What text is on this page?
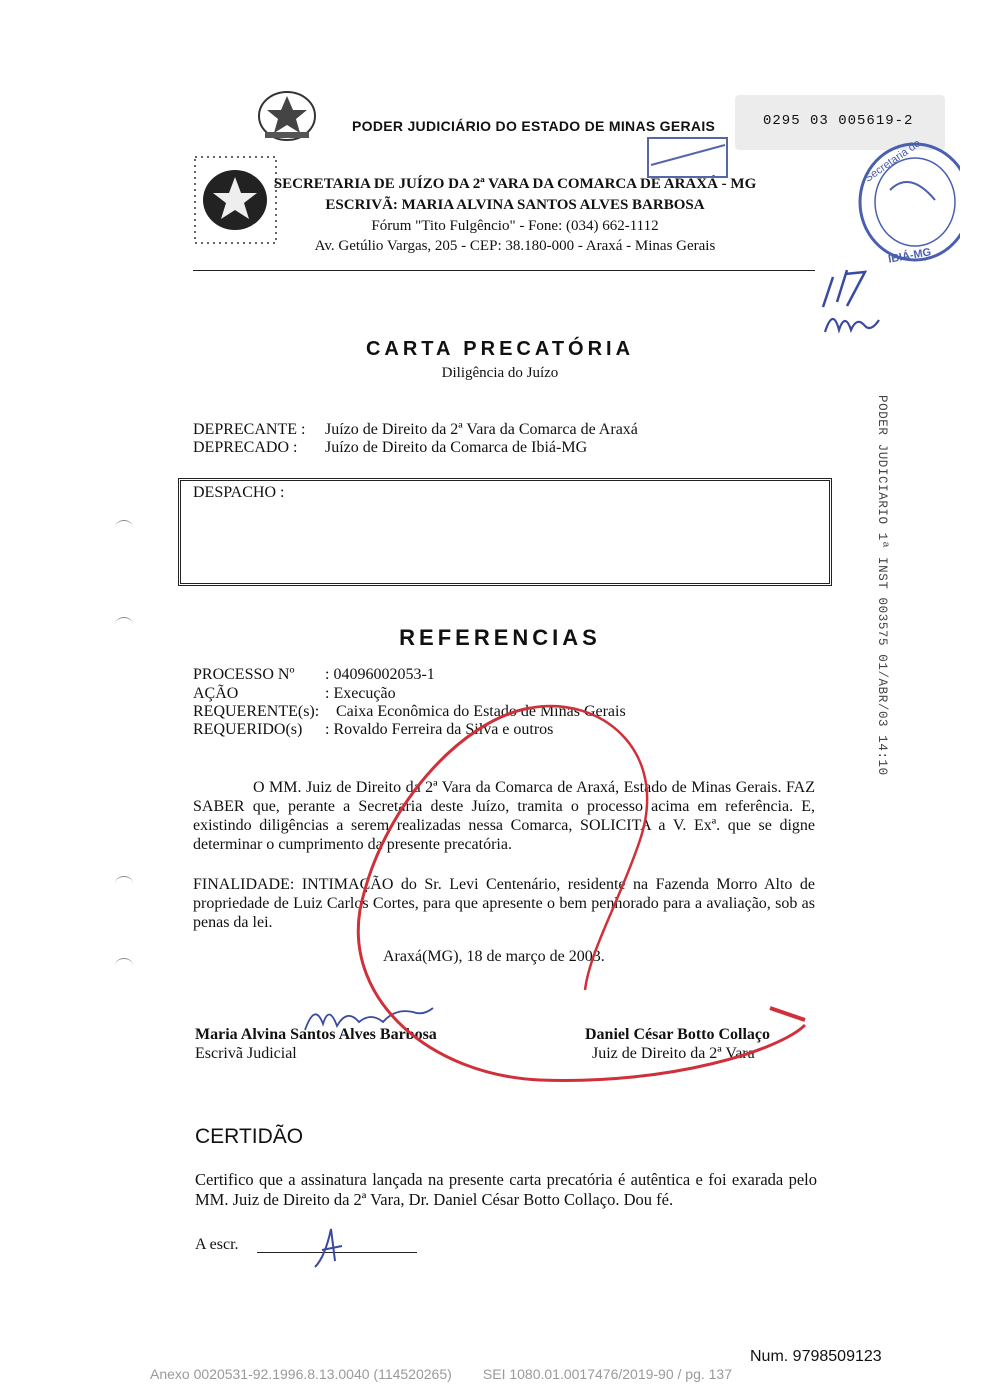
PODER JUDICIÁRIO DO ESTADO DE MINAS GERAIS	0295 03 005619-2
SECRETARIA DE JUÍZO DA 2ª VARA DA COMARCA DE ARAXÁ - MG
ESCRIVÃ: MARIA ALVINA SANTOS ALVES BARBOSA
Fórum "Tito Fulgêncio" - Fone: (034) 662-1112
Av. Getúlio Vargas, 205 - CEP: 38.180-000 - Araxá - Minas Gerais
Secretaria de
IBIÁ-MG
CARTA PRECATÓRIA
Diligência do Juízo
DEPRECANTE : Juízo de Direito da 2ª Vara da Comarca de Araxá
DEPRECADO : Juízo de Direito da Comarca de Ibiá-MG
DESPACHO :
REFERENCIAS
PROCESSO Nº	: 04096002053-1
AÇÃO	: Execução
REQUERENTE(s): Caixa Econômica do Estado de Minas Gerais
REQUERIDO(s)	: Rovaldo Ferreira da Silva e outros
O MM. Juiz de Direito da 2ª Vara da Comarca de Araxá, Estado de Minas Gerais. FAZ SABER que, perante a Secretaria deste Juízo, tramita o processo acima em referência. E, existindo diligências a serem realizadas nessa Comarca, SOLICITA a V. Exª. que se digne determinar o cumprimento da presente precatória.
FINALIDADE: INTIMAÇÃO do Sr. Levi Centenário, residente na Fazenda Morro Alto de propriedade de Luiz Carlos Cortes, para que apresente o bem penhorado para a avaliação, sob as penas da lei.
Araxá(MG), 18 de março de 2003.
Maria Alvina Santos Alves Barbosa
Escrivã Judicial
Daniel César Botto Collaço
Juiz de Direito da 2ª Vara
CERTIDÃO
Certifico que a assinatura lançada na presente carta precatória é autêntica e foi exarada pelo MM. Juiz de Direito da 2ª Vara, Dr. Daniel César Botto Collaço. Dou fé.
A escr.
PODER JUDICIARIO 1ª INST 003575 01/ABR/03 14:10
Num. 9798509123
Anexo 0020531-92.1996.8.13.0040 (114520265)        SEI 1080.01.0017476/2019-90 / pg. 137
